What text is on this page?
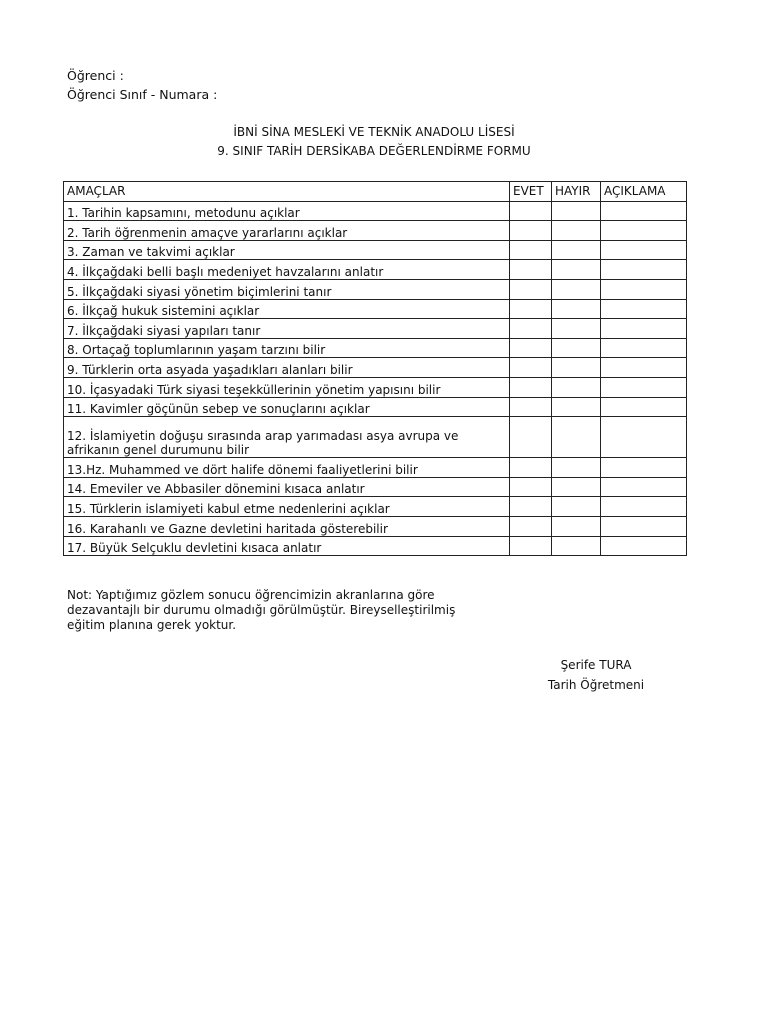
Öğrenci :
Öğrenci Sınıf - Numara :
İBNİ SİNA MESLEKİ VE TEKNİK ANADOLU LİSESİ
9. SINIF TARİH DERSİKABA DEĞERLENDİRME FORMU
AMAÇLAR	EVET	HAYIR	AÇIKLAMA
1. Tarihin kapsamını, metodunu açıklar			
2. Tarih öğrenmenin amaçve yararlarını açıklar			
3. Zaman ve takvimi açıklar			
4. İlkçağdaki belli başlı medeniyet havzalarını anlatır			
5. İlkçağdaki siyasi yönetim biçimlerini tanır			
6. İlkçağ hukuk sistemini açıklar			
7. İlkçağdaki siyasi yapıları tanır			
8. Ortaçağ toplumlarının yaşam tarzını bilir			
9. Türklerin orta asyada yaşadıkları alanları bilir			
10. İçasyadaki Türk siyasi teşekküllerinin yönetim yapısını bilir			
11. Kavimler göçünün sebep ve sonuçlarını açıklar			
12. İslamiyetin doğuşu sırasında arap yarımadası asya avrupa ve afrikanın genel durumunu bilir			
13.Hz. Muhammed ve dört halife dönemi faaliyetlerini bilir			
14. Emeviler ve Abbasiler dönemini kısaca anlatır			
15. Türklerin islamiyeti kabul etme nedenlerini açıklar			
16. Karahanlı ve Gazne devletini haritada gösterebilir			
17. Büyük Selçuklu devletini kısaca anlatır			
Not: Yaptığımız gözlem sonucu öğrencimizin akranlarına göre dezavantajlı bir durumu olmadığı görülmüştür. Bireyselleştirilmiş eğitim planına gerek yoktur.
Şerife TURA
Tarih Öğretmeni
